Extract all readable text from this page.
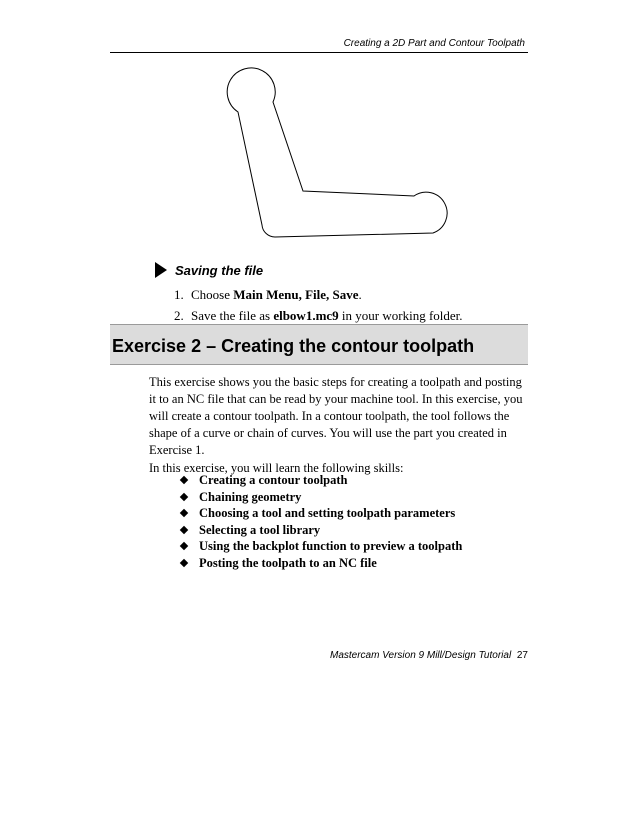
Creating a 2D Part and Contour Toolpath
Saving the file
1. Choose Main Menu, File, Save.
2. Save the file as elbow1.mc9 in your working folder.
Exercise 2 – Creating the contour toolpath

This exercise shows you the basic steps for creating a toolpath and posting it to an NC file that can be read by your machine tool. In this exercise, you will create a contour toolpath. In a contour toolpath, the tool follows the shape of a curve or chain of curves. You will use the part you created in Exercise 1.

In this exercise, you will learn the following skills:
Creating a contour toolpath
Chaining geometry
Choosing a tool and setting toolpath parameters
Selecting a tool library
Using the backplot function to preview a toolpath
Posting the toolpath to an NC file
Mastercam Version 9 Mill/Design Tutorial 27
